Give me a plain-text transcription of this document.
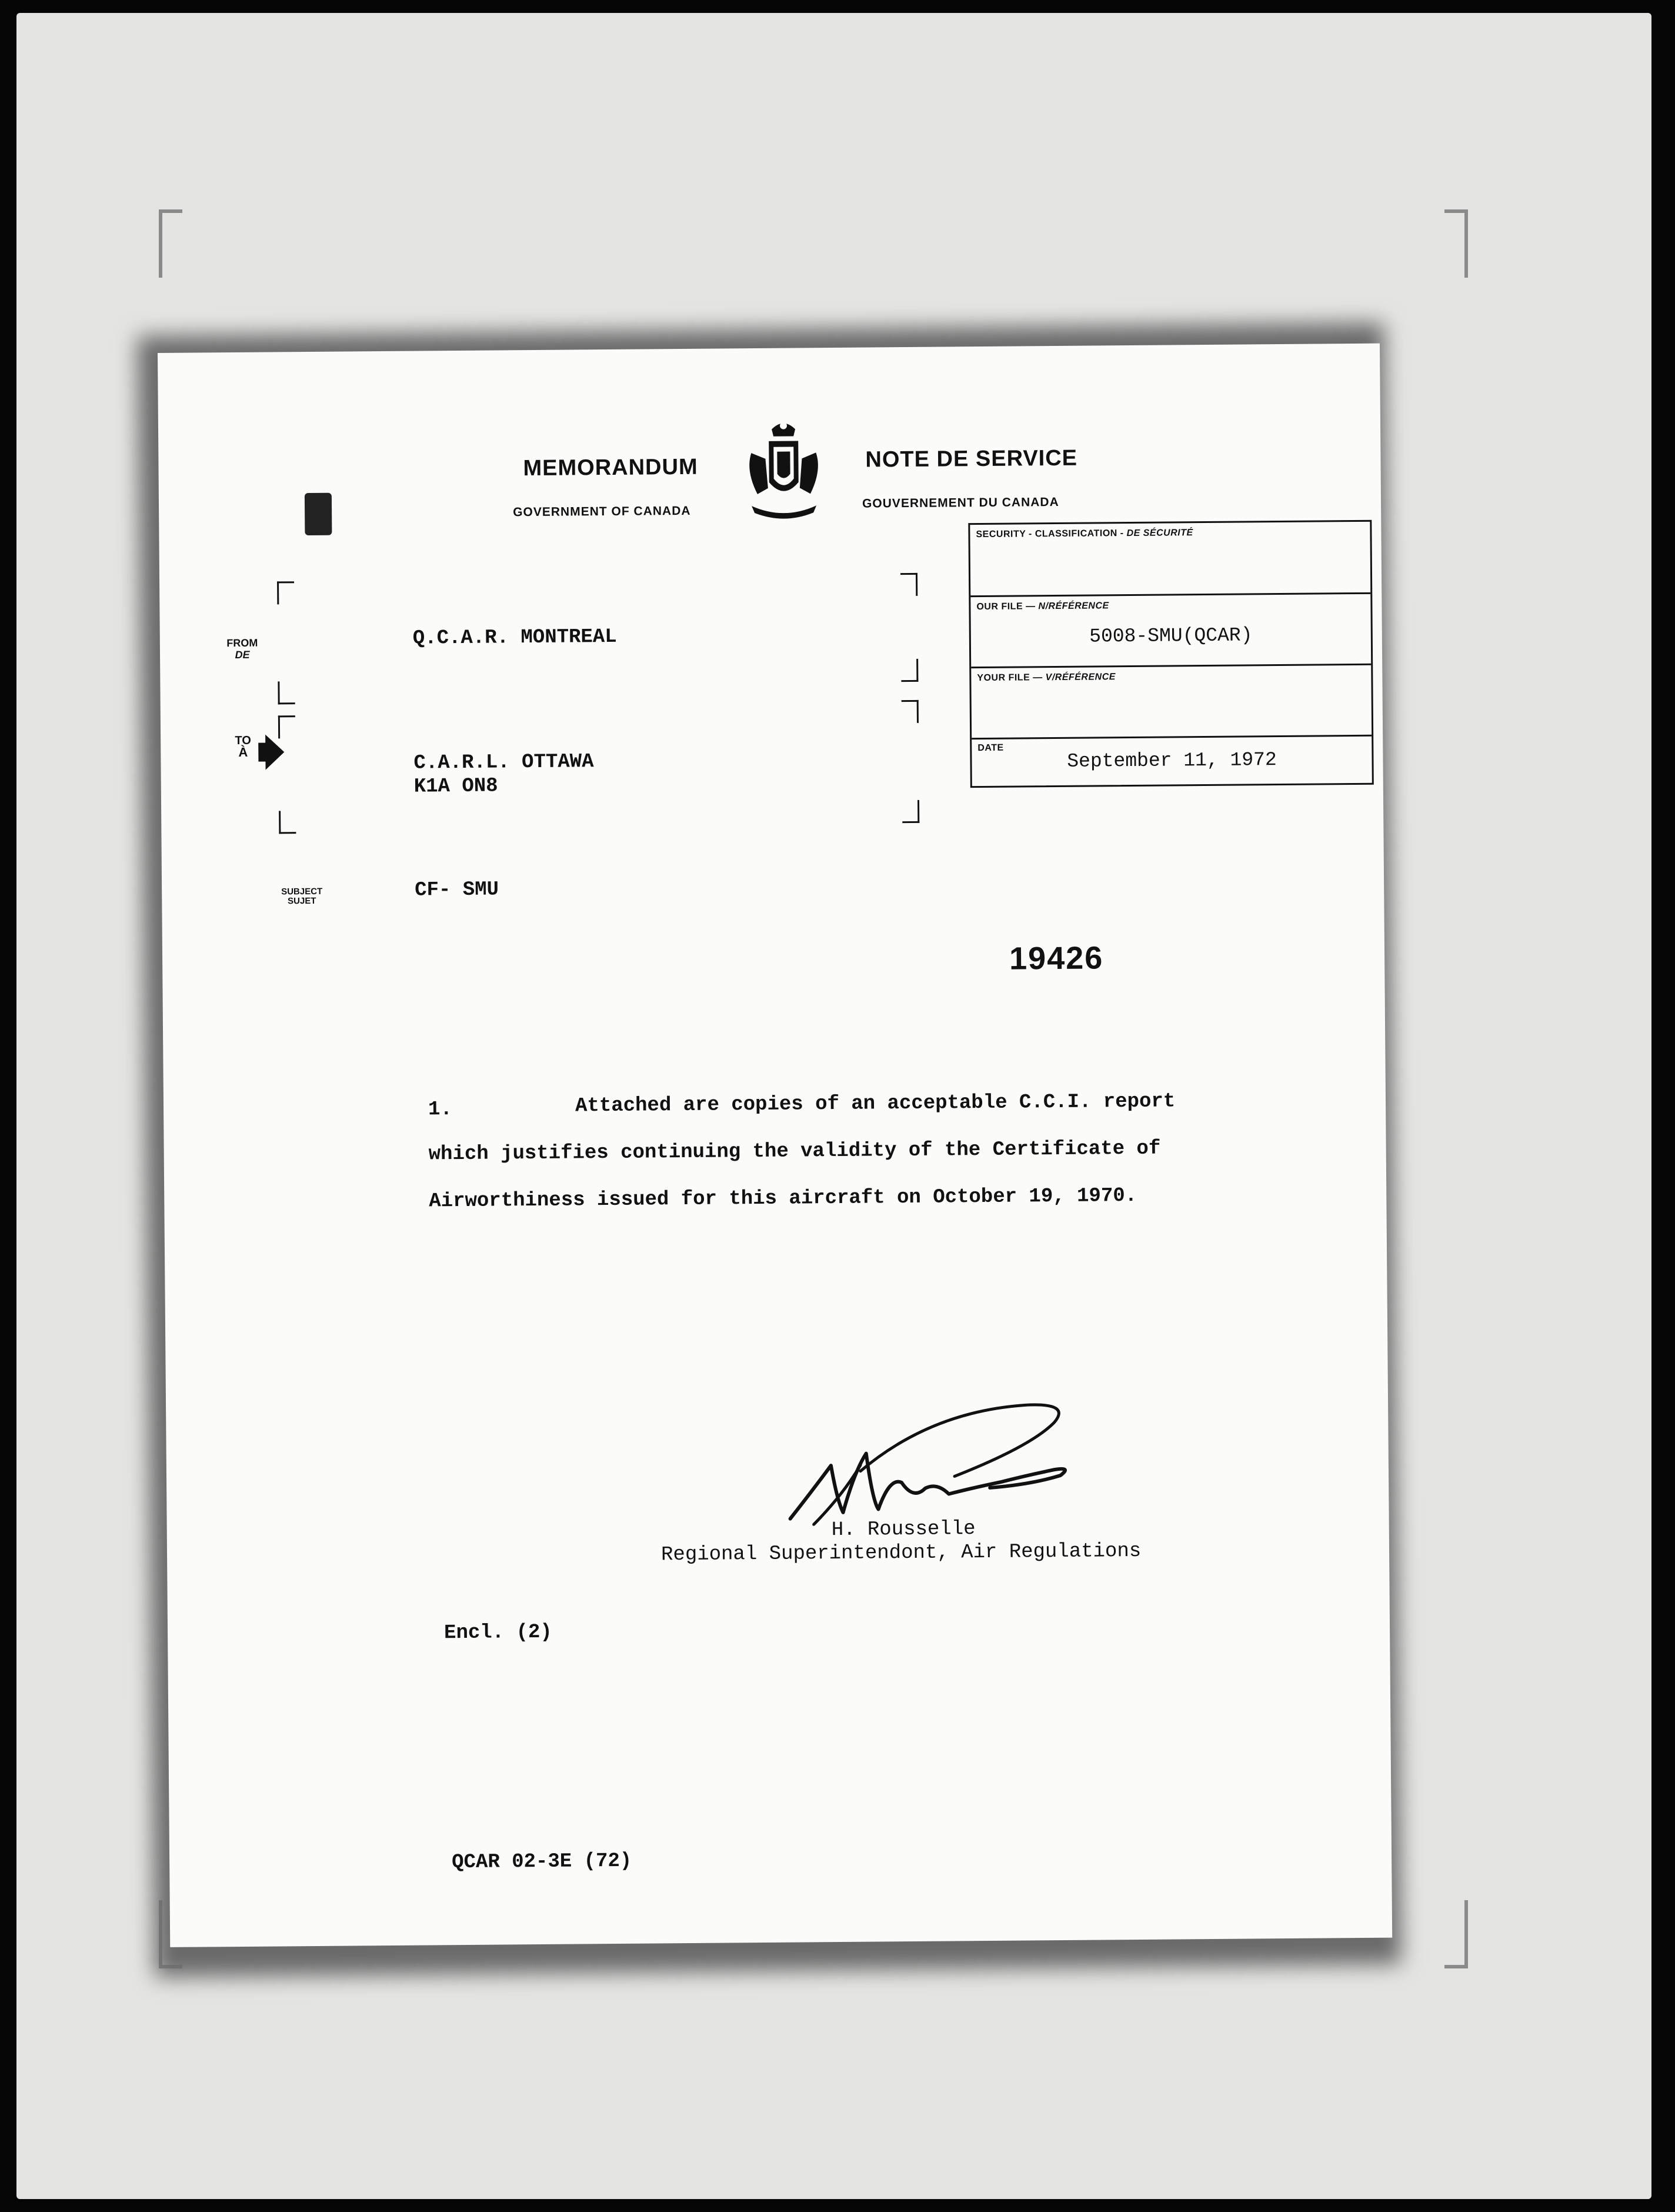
MEMORANDUM
GOVERNMENT OF CANADA
NOTE DE SERVICE
GOUVERNEMENT DU CANADA
FROM
DE
TO
À
SUBJECT
SUJET
Q.C.A.R. MONTREAL
C.A.R.L. OTTAWA
K1A ON8
CF- SMU
SECURITY - CLASSIFICATION - DE SÉCURITÉ
OUR FILE — N/RÉFÉRENCE
5008-SMU(QCAR)
YOUR FILE — V/RÉFÉRENCE
DATE
September 11, 1972
19426
1.	Attached are copies of an acceptable C.C.I. report
which justifies continuing the validity of the Certificate of
Airworthiness issued for this aircraft on October 19, 1970.
H. Rousselle
Regional Superintendont, Air Regulations
Encl. (2)
QCAR 02-3E (72)
